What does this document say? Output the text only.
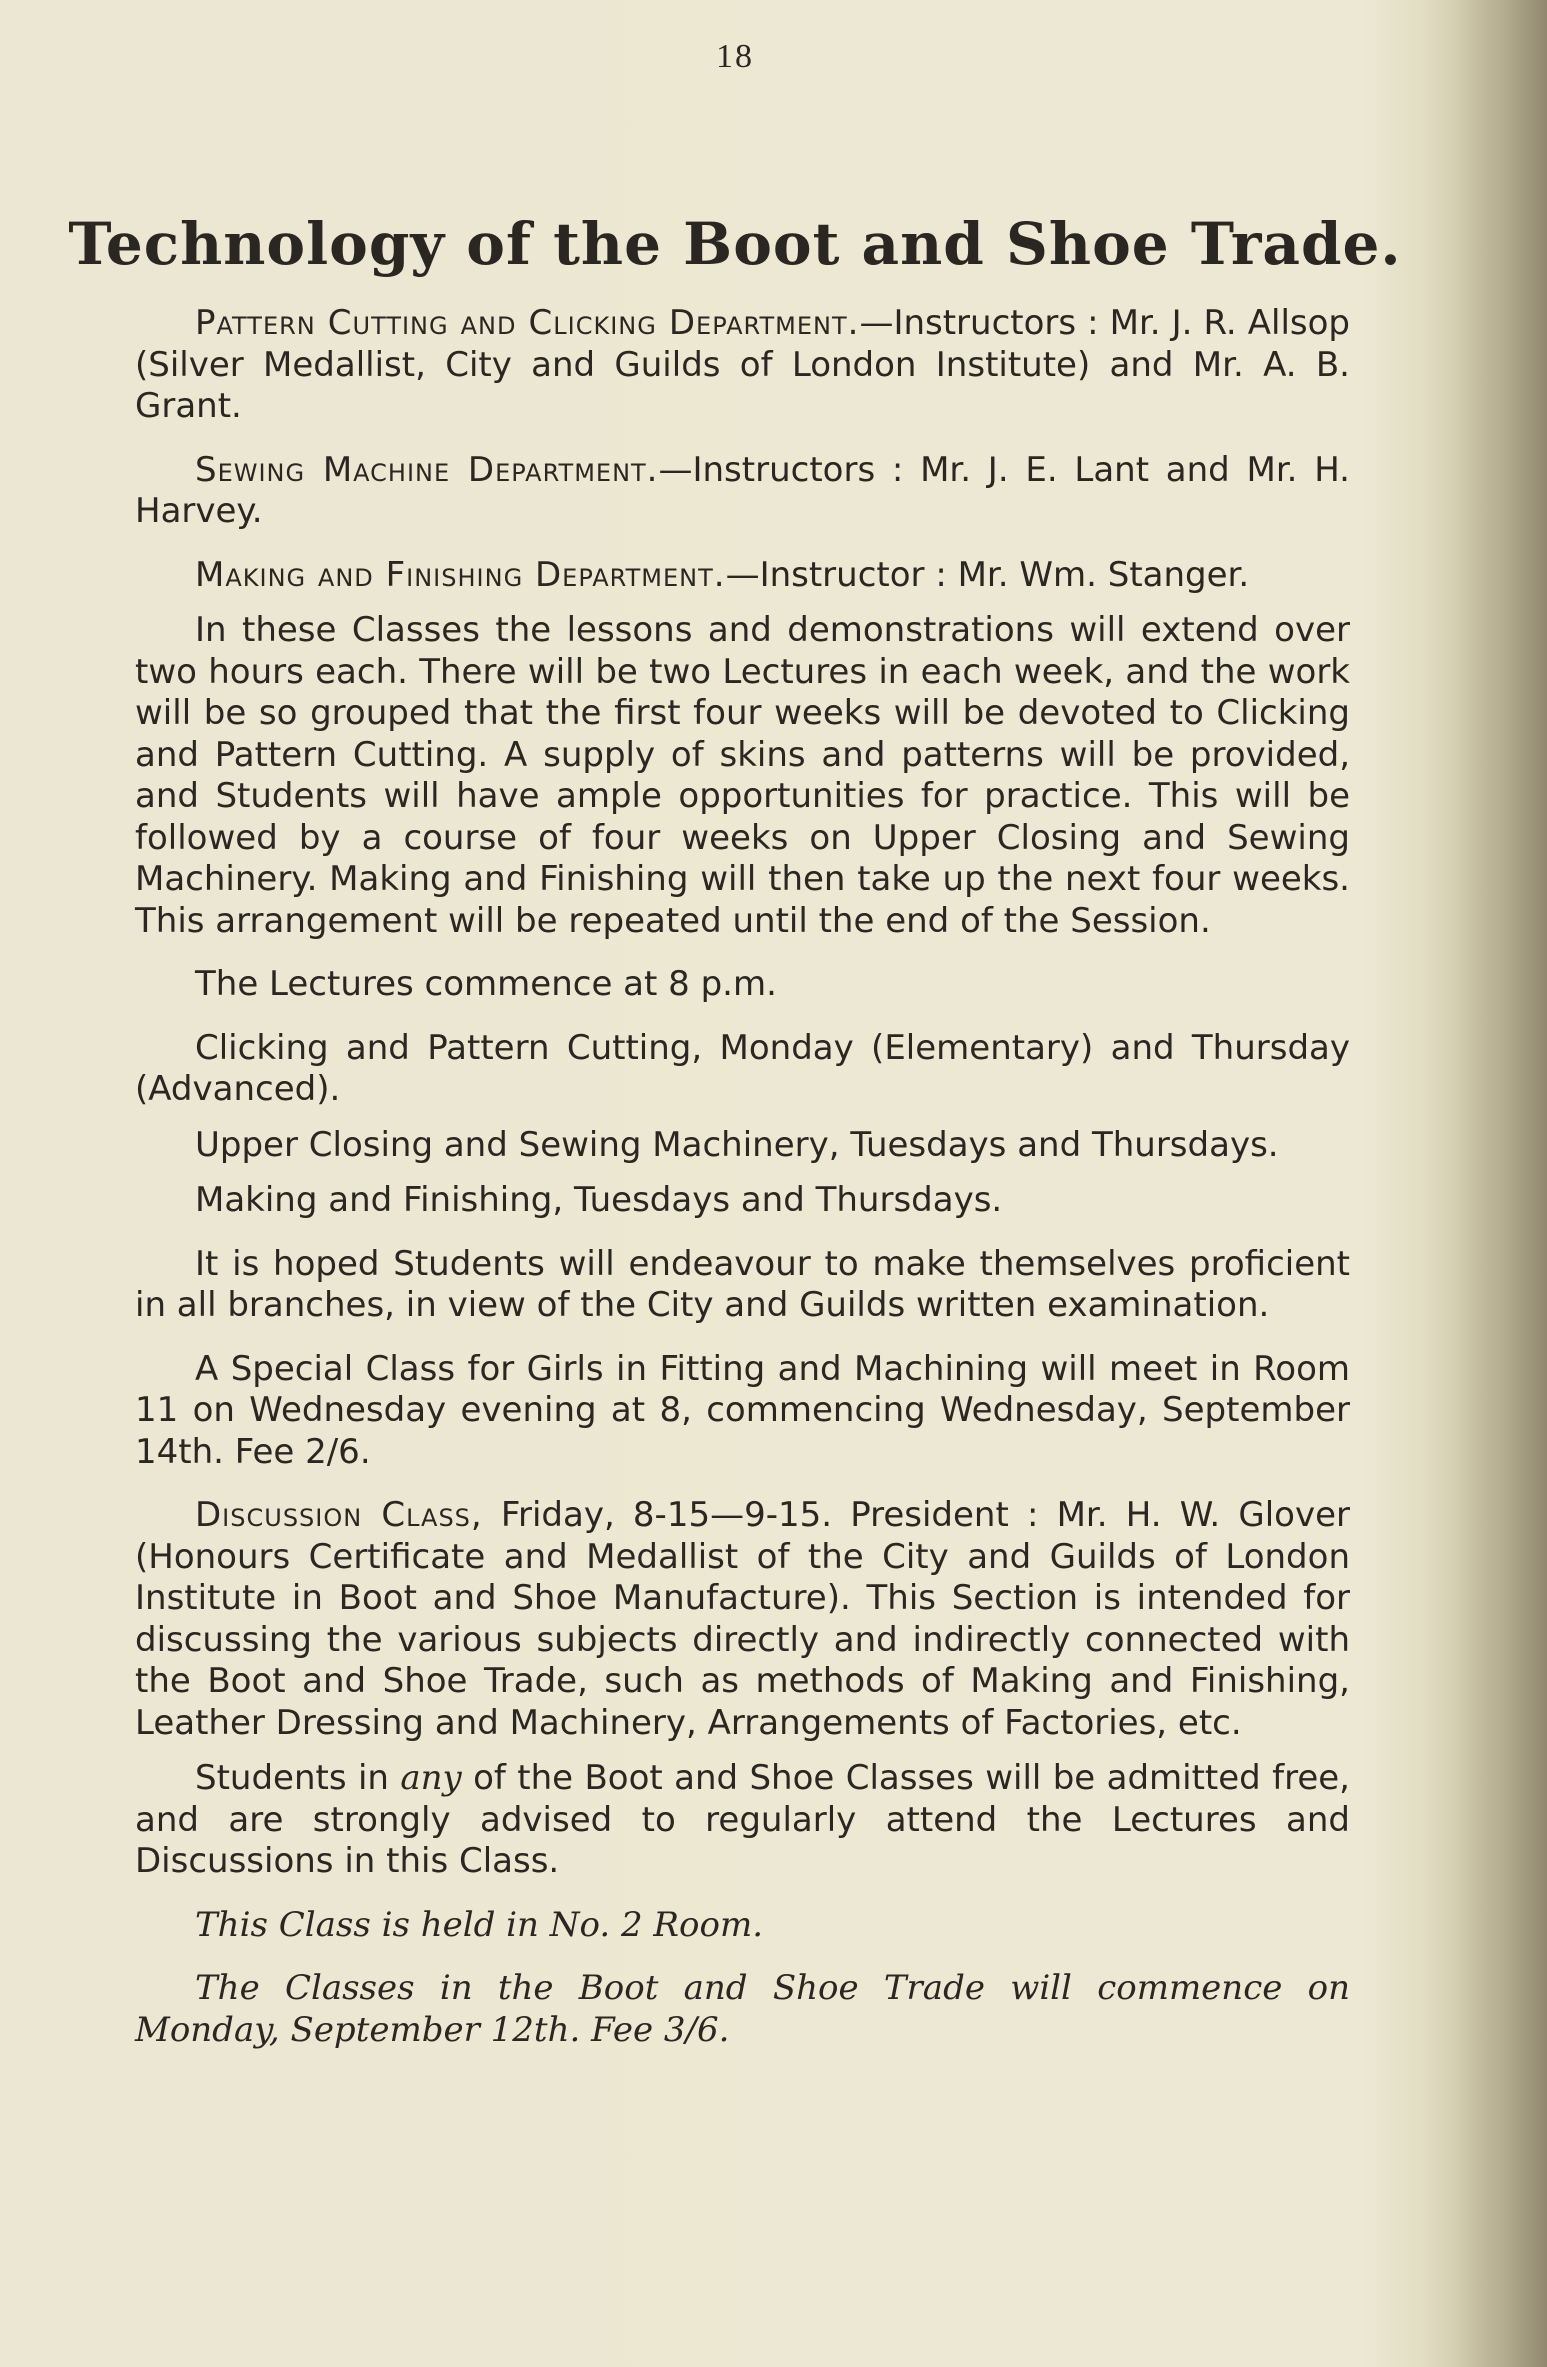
18
Technology of the Boot and Shoe Trade.

Pattern Cutting and Clicking Department.—Instructors : Mr. J. R. Allsop (Silver Medallist, City and Guilds of London Institute) and Mr. A. B. Grant.

Sewing Machine Department.—Instructors : Mr. J. E. Lant and Mr. H. Harvey.

Making and Finishing Department.—Instructor : Mr. Wm. Stanger.

In these Classes the lessons and demonstrations will extend over two hours each. There will be two Lectures in each week, and the work will be so grouped that the first four weeks will be devoted to Clicking and Pattern Cutting. A supply of skins and patterns will be provided, and Students will have ample opportunities for practice. This will be followed by a course of four weeks on Upper Closing and Sewing Machinery. Making and Finishing will then take up the next four weeks. This arrangement will be repeated until the end of the Session.

The Lectures commence at 8 p.m.

Clicking and Pattern Cutting, Monday (Elementary) and Thursday (Advanced).

Upper Closing and Sewing Machinery, Tuesdays and Thursdays.

Making and Finishing, Tuesdays and Thursdays.

It is hoped Students will endeavour to make themselves proficient in all branches, in view of the City and Guilds written examination.

A Special Class for Girls in Fitting and Machining will meet in Room 11 on Wednesday evening at 8, commencing Wednesday, September 14th. Fee 2/6.

Discussion Class, Friday, 8-15—9-15. President : Mr. H. W. Glover (Honours Certificate and Medallist of the City and Guilds of London Institute in Boot and Shoe Manufacture). This Section is intended for discussing the various subjects directly and indirectly connected with the Boot and Shoe Trade, such as methods of Making and Finishing, Leather Dressing and Machinery, Arrangements of Factories, etc.

Students in any of the Boot and Shoe Classes will be admitted free, and are strongly advised to regularly attend the Lectures and Discussions in this Class.

This Class is held in No. 2 Room.

The Classes in the Boot and Shoe Trade will commence on Monday, September 12th. Fee 3/6.
